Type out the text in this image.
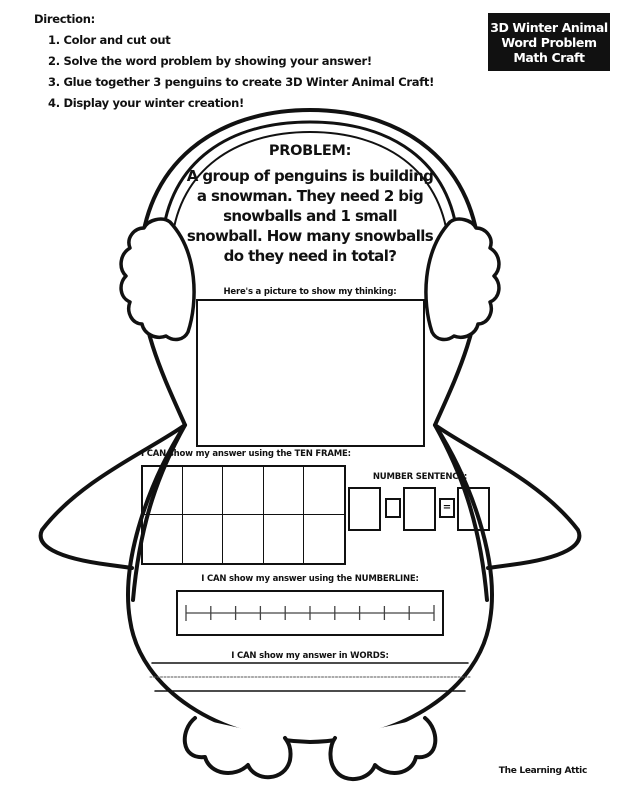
Direction:
1. Color and cut out
2. Solve the word problem by showing your answer!
3. Glue together 3 penguins to create 3D Winter Animal Craft!
4. Display your winter creation!
3D Winter Animal
Word Problem
Math Craft
PROBLEM:
A group of penguins is building a snowman. They need 2 big snowballs and 1 small snowball. How many snowballs do they need in total?
Here's a picture to show my thinking:
I CAN show my answer using the TEN FRAME:
NUMBER SENTENCE:
=
I CAN show my answer using the NUMBERLINE:
I CAN show my answer in WORDS:
The Learning Attic
